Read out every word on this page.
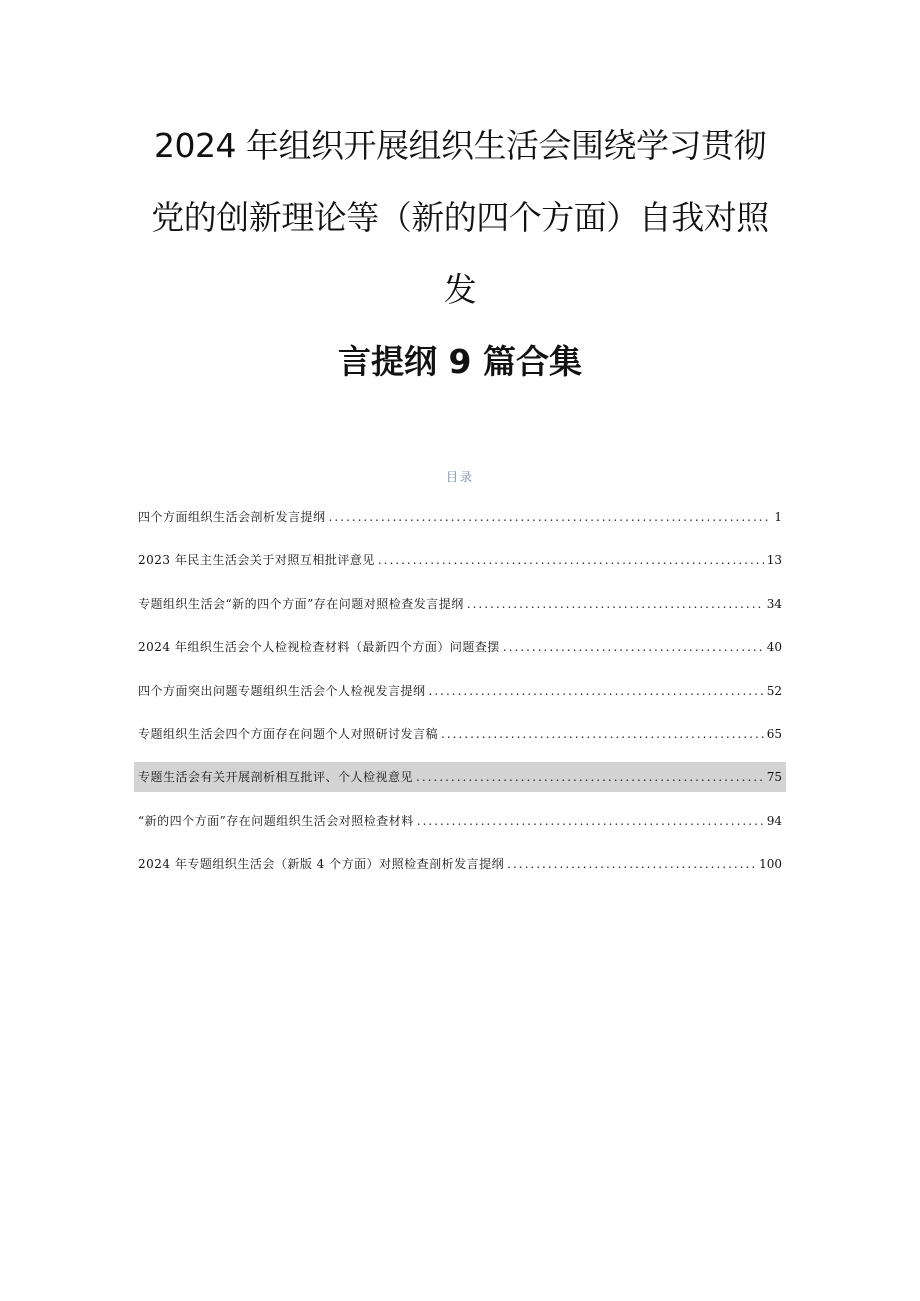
2024 年组织开展组织生活会围绕学习贯彻
党的创新理论等（新的四个方面）自我对照
发
言提纲 9 篇合集
目录
四个方面组织生活会剖析发言提纲 .....	1
2023 年民主生活会关于对照互相批评意见 .....	13
专题组织生活会“新的四个方面”存在问题对照检查发言提纲 .....	34
2024 年组织生活会个人检视检查材料（最新四个方面）问题查摆 .....	40
四个方面突出问题专题组织生活会个人检视发言提纲 .....	52
专题组织生活会四个方面存在问题个人对照研讨发言稿 .....	65
专题生活会有关开展剖析相互批评、个人检视意见 .....	75
“新的四个方面”存在问题组织生活会对照检查材料 .....	94
2024 年专题组织生活会（新版 4 个方面）对照检查剖析发言提纲 .....	100
